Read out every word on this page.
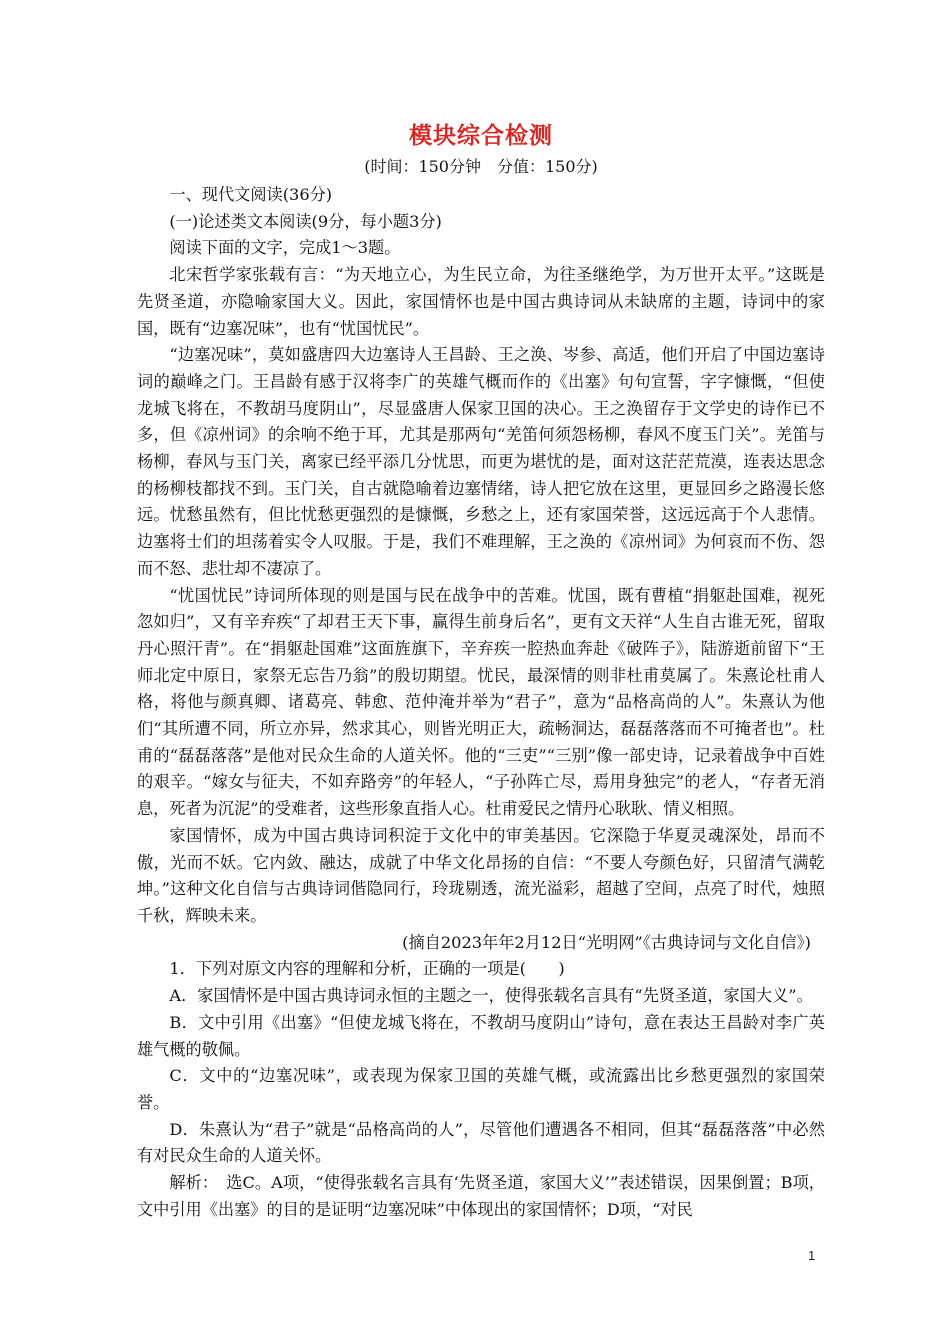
模块综合检测
(时间：150分钟　分值：150分)

一、现代文阅读(36分)

(一)论述类文本阅读(9分，每小题3分)

阅读下面的文字，完成1～3题。

北宋哲学家张载有言：“为天地立心，为生民立命，为往圣继绝学，为万世开太平。”这既是先贤圣道，亦隐喻家国大义。因此，家国情怀也是中国古典诗词从未缺席的主题，诗词中的家国，既有“边塞况味”，也有“忧国忧民”。

“边塞况味”，莫如盛唐四大边塞诗人王昌龄、王之涣、岑参、高适，他们开启了中国边塞诗词的巅峰之门。王昌龄有感于汉将李广的英雄气概而作的《出塞》句句宣誓，字字慷慨，“但使龙城飞将在，不教胡马度阴山”，尽显盛唐人保家卫国的决心。王之涣留存于文学史的诗作已不多，但《凉州词》的余响不绝于耳，尤其是那两句“羌笛何须怨杨柳，春风不度玉门关”。羌笛与杨柳，春风与玉门关，离家已经平添几分忧思，而更为堪忧的是，面对这茫茫荒漠，连表达思念的杨柳枝都找不到。玉门关，自古就隐喻着边塞情绪，诗人把它放在这里，更显回乡之路漫长悠远。忧愁虽然有，但比忧愁更强烈的是慷慨，乡愁之上，还有家国荣誉，这远远高于个人悲情。边塞将士们的坦荡着实令人叹服。于是，我们不难理解，王之涣的《凉州词》为何哀而不伤、怨而不怒、悲壮却不凄凉了。

“忧国忧民”诗词所体现的则是国与民在战争中的苦难。忧国，既有曹植“捐躯赴国难，视死忽如归”，又有辛弃疾“了却君王天下事，赢得生前身后名”，更有文天祥“人生自古谁无死，留取丹心照汗青”。在“捐躯赴国难”这面旌旗下，辛弃疾一腔热血奔赴《破阵子》，陆游逝前留下“王师北定中原日，家祭无忘告乃翁”的殷切期望。忧民，最深情的则非杜甫莫属了。朱熹论杜甫人格，将他与颜真卿、诸葛亮、韩愈、范仲淹并举为“君子”，意为“品格高尚的人”。朱熹认为他们“其所遭不同，所立亦异，然求其心，则皆光明正大，疏畅洞达，磊磊落落而不可掩者也”。杜甫的“磊磊落落”是他对民众生命的人道关怀。他的“三吏”“三别”像一部史诗，记录着战争中百姓的艰辛。“嫁女与征夫，不如弃路旁”的年轻人，“子孙阵亡尽，焉用身独完”的老人，“存者无消息，死者为沉泥”的受难者，这些形象直指人心。杜甫爱民之情丹心耿耿、情义相照。

家国情怀，成为中国古典诗词积淀于文化中的审美基因。它深隐于华夏灵魂深处，昂而不傲，光而不妖。它内敛、融达，成就了中华文化昂扬的自信：“不要人夸颜色好，只留清气满乾坤。”这种文化自信与古典诗词偕隐同行，玲珑剔透，流光溢彩，超越了空间，点亮了时代，烛照千秋，辉映未来。

(摘自2023年年2月12日“光明网”《古典诗词与文化自信》)

1．下列对原文内容的理解和分析，正确的一项是(　　)

A．家国情怀是中国古典诗词永恒的主题之一，使得张载名言具有“先贤圣道，家国大义”。

B．文中引用《出塞》“但使龙城飞将在，不教胡马度阴山”诗句，意在表达王昌龄对李广英雄气概的敬佩。

C．文中的“边塞况味”，或表现为保家卫国的英雄气概，或流露出比乡愁更强烈的家国荣誉。

D．朱熹认为“君子”就是“品格高尚的人”，尽管他们遭遇各不相同，但其“磊磊落落”中必然有对民众生命的人道关怀。

解析：　选C。A项，“使得张载名言具有‘先贤圣道，家国大义’”表述错误，因果倒置；B项，文中引用《出塞》的目的是证明“边塞况味”中体现出的家国情怀；D项，“对民

1
